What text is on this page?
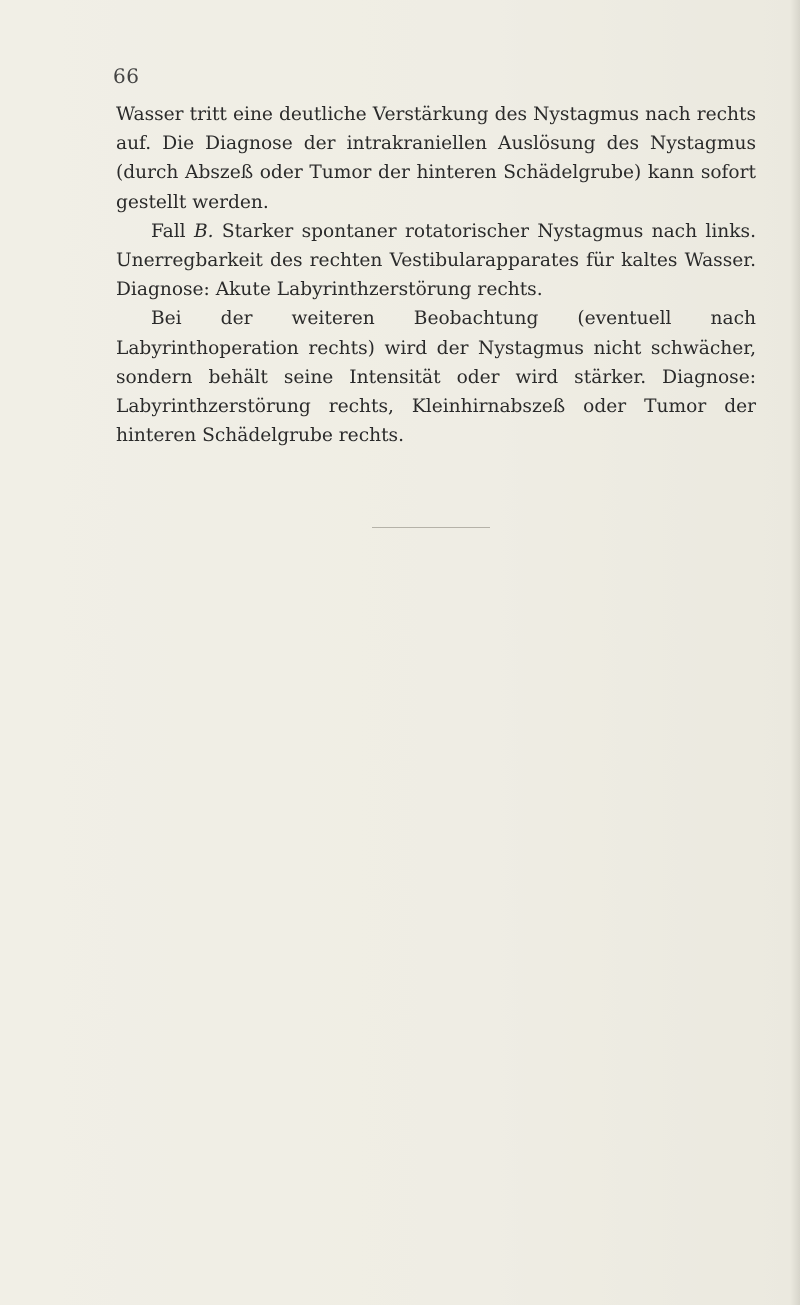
66

Wasser tritt eine deutliche Verstärkung des Nystagmus nach rechts auf. Die Diagnose der intrakraniellen Auslösung des Nystagmus (durch Abszeß oder Tumor der hinteren Schädelgrube) kann sofort gestellt werden.

Fall B. Starker spontaner rotatorischer Nystagmus nach links. Unerregbarkeit des rechten Vestibularapparates für kaltes Wasser. Diagnose: Akute Labyrinthzerstörung rechts.

Bei der weiteren Beobachtung (eventuell nach Labyrinthoperation rechts) wird der Nystagmus nicht schwächer, sondern behält seine Intensität oder wird stärker. Diagnose: Labyrinthzerstörung rechts, Kleinhirnabszeß oder Tumor der hinteren Schädelgrube rechts.
